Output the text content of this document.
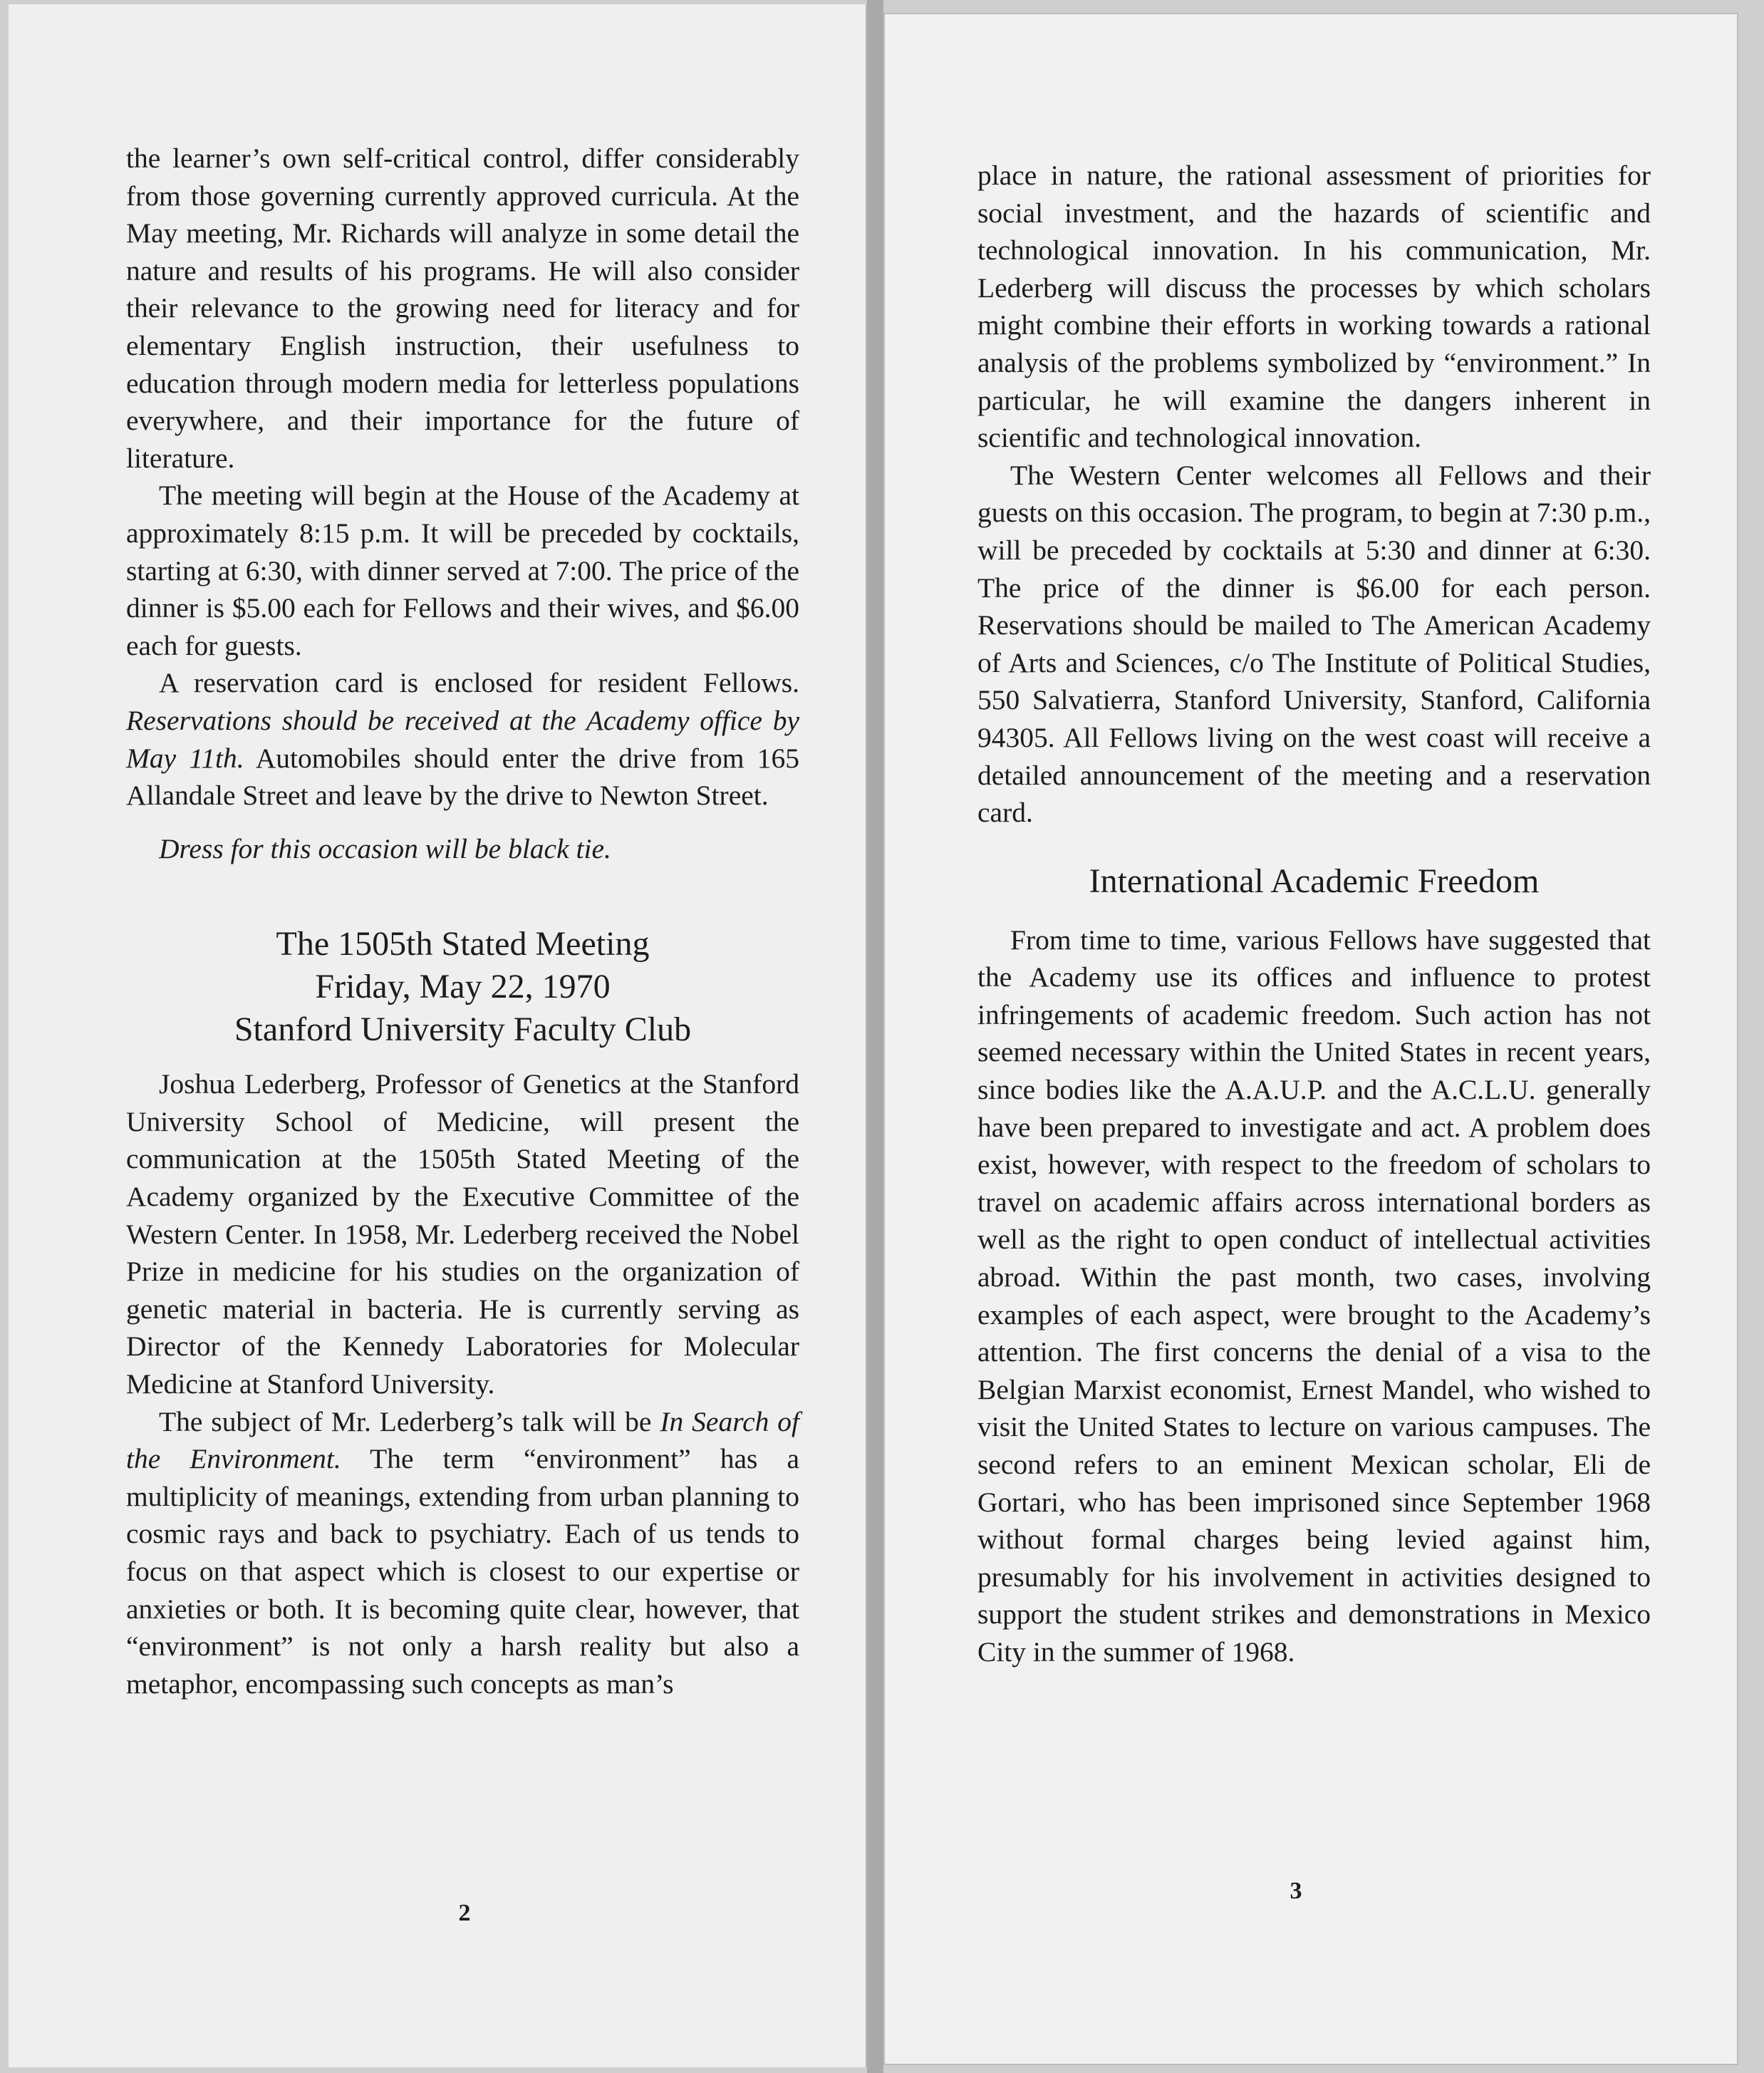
the learner’s own self-critical control, differ considerably from those governing currently approved curricula. At the May meeting, Mr. Richards will analyze in some detail the nature and results of his programs. He will also consider their relevance to the growing need for literacy and for elementary English instruction, their usefulness to education through modern media for letterless populations everywhere, and their importance for the future of literature.

The meeting will begin at the House of the Academy at approximately 8:15 p.m. It will be preceded by cocktails, starting at 6:30, with dinner served at 7:00. The price of the dinner is $5.00 each for Fellows and their wives, and $6.00 each for guests.

A reservation card is enclosed for resident Fellows. Reservations should be received at the Academy office by May 11th. Automobiles should enter the drive from 165 Allandale Street and leave by the drive to Newton Street.

Dress for this occasion will be black tie.

The 1505th Stated Meeting
Friday, May 22, 1970
Stanford University Faculty Club

Joshua Lederberg, Professor of Genetics at the Stanford University School of Medicine, will present the communication at the 1505th Stated Meeting of the Academy organized by the Executive Committee of the Western Center. In 1958, Mr. Lederberg received the Nobel Prize in medicine for his studies on the organization of genetic material in bacteria. He is currently serving as Director of the Kennedy Laboratories for Molecular Medicine at Stanford University.

The subject of Mr. Lederberg’s talk will be In Search of the Environment. The term “environment” has a multiplicity of meanings, extending from urban planning to cosmic rays and back to psychiatry. Each of us tends to focus on that aspect which is closest to our expertise or anxieties or both. It is becoming quite clear, however, that “environment” is not only a harsh reality but also a metaphor, encompassing such concepts as man’s

2

place in nature, the rational assessment of priorities for social investment, and the hazards of scientific and technological innovation. In his communication, Mr. Lederberg will discuss the processes by which scholars might combine their efforts in working towards a rational analysis of the problems symbolized by “environment.” In particular, he will examine the dangers inherent in scientific and technological innovation.

The Western Center welcomes all Fellows and their guests on this occasion. The program, to begin at 7:30 p.m., will be preceded by cocktails at 5:30 and dinner at 6:30. The price of the dinner is $6.00 for each person. Reservations should be mailed to The American Academy of Arts and Sciences, c/o The Institute of Political Studies, 550 Salvatierra, Stanford University, Stanford, California 94305. All Fellows living on the west coast will receive a detailed announcement of the meeting and a reservation card.

International Academic Freedom

From time to time, various Fellows have suggested that the Academy use its offices and influence to protest infringements of academic freedom. Such action has not seemed necessary within the United States in recent years, since bodies like the A.A.U.P. and the A.C.L.U. generally have been prepared to investigate and act. A problem does exist, however, with respect to the freedom of scholars to travel on academic affairs across international borders as well as the right to open conduct of intellectual activities abroad. Within the past month, two cases, involving examples of each aspect, were brought to the Academy’s attention. The first concerns the denial of a visa to the Belgian Marxist economist, Ernest Mandel, who wished to visit the United States to lecture on various campuses. The second refers to an eminent Mexican scholar, Eli de Gortari, who has been imprisoned since September 1968 without formal charges being levied against him, presumably for his involvement in activities designed to support the student strikes and demonstrations in Mexico City in the summer of 1968.

3
